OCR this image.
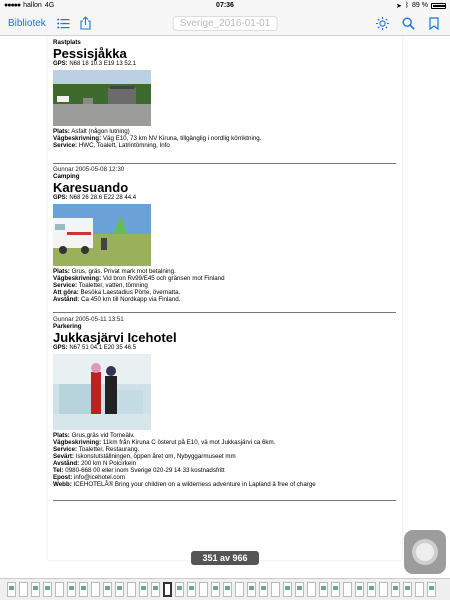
●●●●● hallon 4G	07:36	➤ ᛒ 89 %
Bibliotek	Sverige_2016-01-01
Rastplats
Pessisjåkka
GPS: N68 18 10.3 E19 13 52.1
Plats: Asfalt (någon lutning)
Vägbeskrivning: Väg E10, 73 km NV Kiruna, tillgänglig i nordlig körriktning.
Service: HWC, Toalett, Latrintömning, Info
Gunnar 2005-05-08 12:30
Camping
Karesuando
GPS: N68 26 28.6 E22 28 44.4
Plats: Grus, gräs. Privat mark mot betalning.
Vägbeskrivning: Vid bron Rv99/E45 och gränsen mot Finland
Service: Toaletter, vatten, tömning
Att göra: Besöka Laestadius Pörte, övernatta.
Avstånd: Ca 450 km till Nordkapp via Finland.
Gunnar 2005-05-11 13:51
Parkering
Jukkasjärvi Icehotel
GPS: N67 51 04.1 E20 35 46.5
Plats: Grus,gräs vid Torneälv.
Vägbeskrivning: 11km från Kiruna C österut på E10, vä mot Jukkasjärvi ca 6km.
Service: Toaletter, Restaurang.
Sevärt: Iskonstutställningen, öppen året om, Nybyggarmuseet mm
Avstånd: 200 km N Polcirkeln
Tel: 0980-668 00 eller inom Sverige 020-29 14 33 kostnadsfritt
Epost: info@icehotel.com
Webb: ICEHOTELÂ® Bring your children on a wilderness adventure in Lapland â free of charge
351 av 966
